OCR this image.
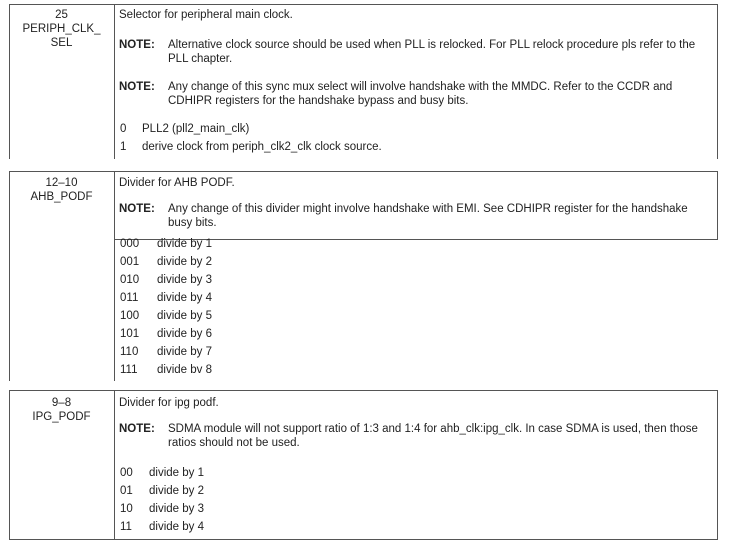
25
PERIPH_CLK_
SEL
Selector for peripheral main clock.
NOTE: Alternative clock source should be used when PLL is relocked. For PLL relock procedure pls refer to the PLL chapter.
NOTE: Any change of this sync mux select will involve handshake with the MMDC. Refer to the CCDR and CDHIPR registers for the handshake bypass and busy bits.
0 PLL2 (pll2_main_clk)
1 derive clock from periph_clk2_clk clock source.
12–10
AHB_PODF
Divider for AHB PODF.
NOTE: Any change of this divider might involve handshake with EMI. See CDHIPR register for the handshake busy bits.
000 divide by 1
001 divide by 2
010 divide by 3
011 divide by 4
100 divide by 5
101 divide by 6
110 divide by 7
111 divide bv 8
9–8
IPG_PODF
Divider for ipg podf.
NOTE: SDMA module will not support ratio of 1:3 and 1:4 for ahb_clk:ipg_clk. In case SDMA is used, then those ratios should not be used.
00 divide by 1
01 divide by 2
10 divide by 3
11 divide by 4
